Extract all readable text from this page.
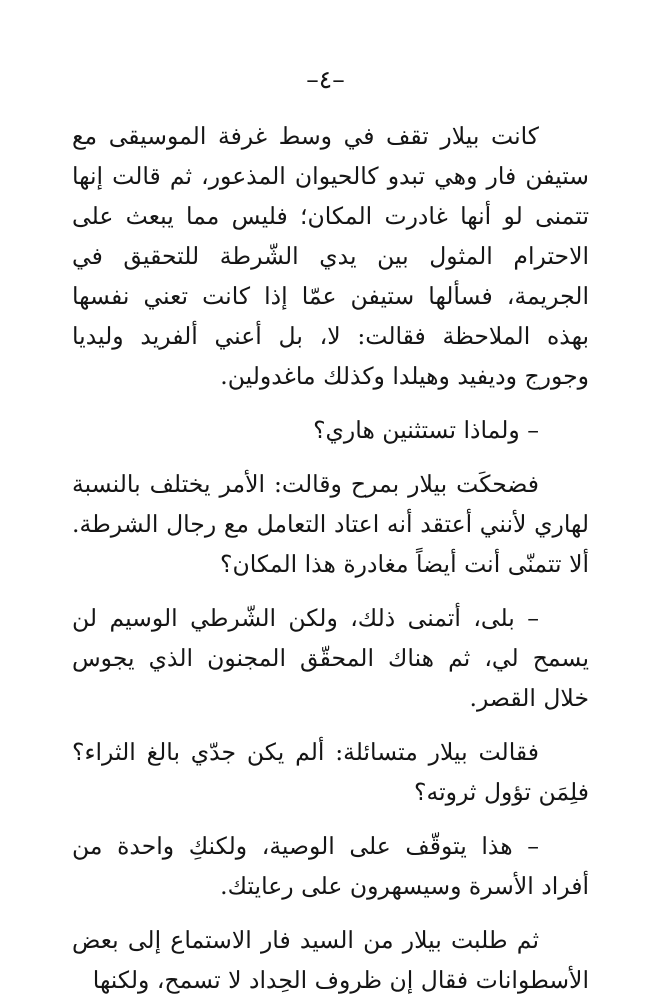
–٤–

كانت بيلار تقف في وسط غرفة الموسيقى مع ستيفن فار وهي تبدو كالحيوان المذعور، ثم قالت إنها تتمنى لو أنها غادرت المكان؛ فليس مما يبعث على الاحترام المثول بين يدي الشّرطة للتحقيق في الجريمة، فسألها ستيفن عمّا إذا كانت تعني نفسها بهذه الملاحظة فقالت: لا، بل أعني ألفريد وليديا وجورج وديفيد وهيلدا وكذلك ماغدولين.

– ولماذا تستثنين هاري؟

فضحكَت بيلار بمرح وقالت: الأمر يختلف بالنسبة لهاري لأنني أعتقد أنه اعتاد التعامل مع رجال الشرطة. ألا تتمنّى أنت أيضاً مغادرة هذا المكان؟

– بلى، أتمنى ذلك، ولكن الشّرطي الوسيم لن يسمح لي، ثم هناك المحقّق المجنون الذي يجوس خلال القصر.

فقالت بيلار متسائلة: ألم يكن جدّي بالغ الثراء؟ فلِمَن تؤول ثروته؟

– هذا يتوقّف على الوصية، ولكنكِ واحدة من أفراد الأسرة وسيسهرون على رعايتك.

ثم طلبت بيلار من السيد فار الاستماع إلى بعض الأسطوانات فقال إن ظروف الحِداد لا تسمح، ولكنها
